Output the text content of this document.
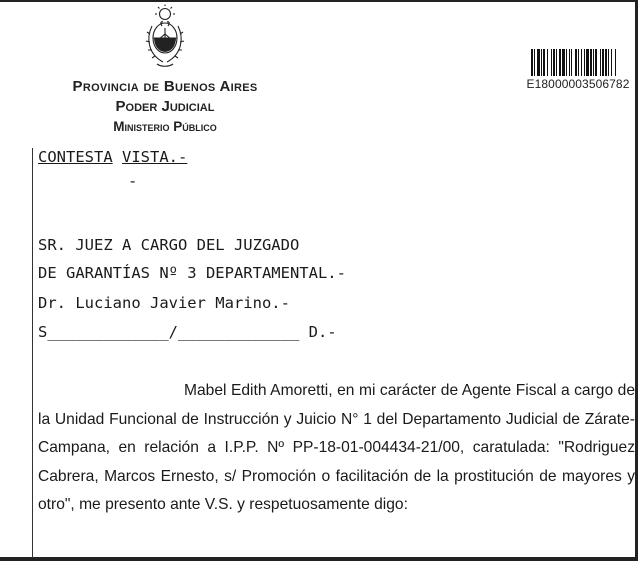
Provincia de Buenos Aires
Poder Judicial
Ministerio Público
E18000003506782
CONTESTA VISTA.-
-
SR. JUEZ A CARGO DEL JUZGADO
DE GARANTÍAS Nº 3 DEPARTAMENTAL.-
Dr. Luciano Javier Marino.-
S_____________/_____________ D.-

Mabel Edith Amoretti, en mi carácter de Agente Fiscal a cargo de la Unidad Funcional de Instrucción y Juicio N° 1 del Departamento Judicial de Zárate-Campana, en relación a I.P.P. Nº PP-18-01-004434-21/00, caratulada: "Rodriguez Cabrera, Marcos Ernesto, s/ Promoción o facilitación de la prostitución de mayores y otro", me presento ante V.S. y respetuosamente digo:
